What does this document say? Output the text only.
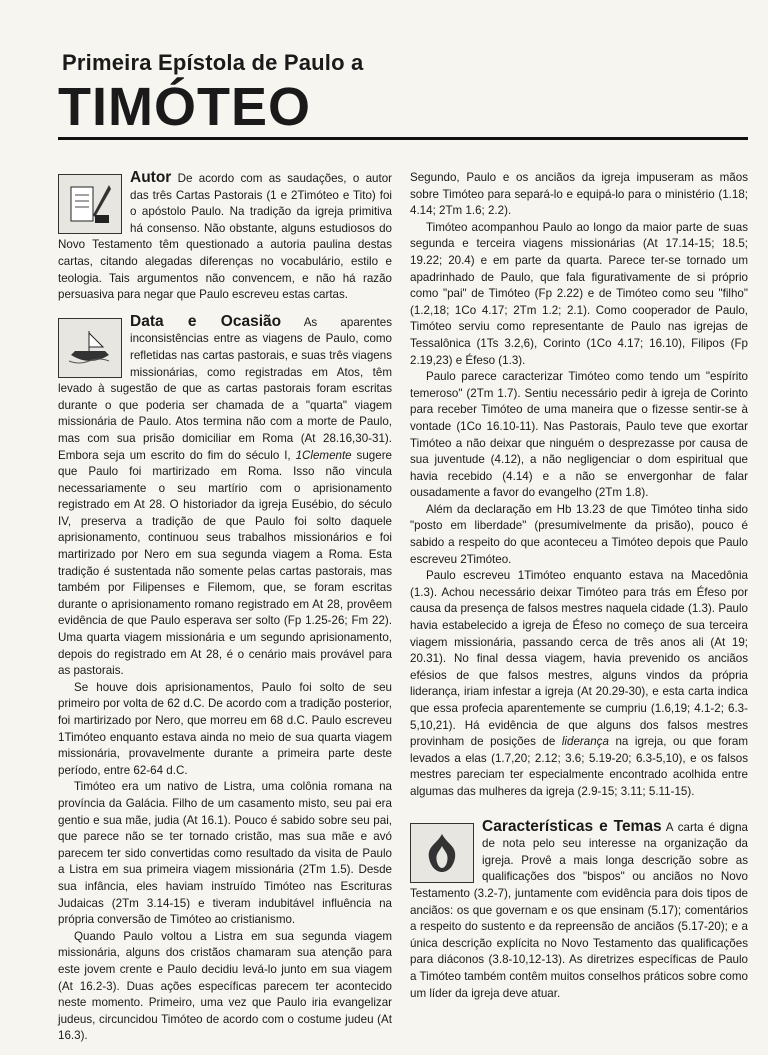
Primeira Epístola de Paulo a
TIMÓTEO

Autor De acordo com as saudações, o autor das três Cartas Pastorais (1 e 2Timóteo e Tito) foi o apóstolo Paulo. Na tradição da igreja primitiva há consenso. Não obstante, alguns estudiosos do Novo Testamento têm questionado a autoria paulina destas cartas, citando alegadas diferenças no vocabulário, estilo e teologia. Tais argumentos não convencem, e não há razão persuasiva para negar que Paulo escreveu estas cartas.

Data e Ocasião As aparentes inconsistências entre as viagens de Paulo, como refletidas nas cartas pastorais, e suas três viagens missionárias, como registradas em Atos, têm levado à sugestão de que as cartas pastorais foram escritas durante o que poderia ser chamada de a "quarta" viagem missionária de Paulo. Atos termina não com a morte de Paulo, mas com sua prisão domiciliar em Roma (At 28.16,30-31). Embora seja um escrito do fim do século I, 1Clemente sugere que Paulo foi martirizado em Roma. Isso não vincula necessariamente o seu martírio com o aprisionamento registrado em At 28. O historiador da igreja Eusébio, do século IV, preserva a tradição de que Paulo foi solto daquele aprisionamento, continuou seus trabalhos missionários e foi martirizado por Nero em sua segunda viagem a Roma. Esta tradição é sustentada não somente pelas cartas pastorais, mas também por Filipenses e Filemom, que, se foram escritas durante o aprisionamento romano registrado em At 28, provêem evidência de que Paulo esperava ser solto (Fp 1.25-26; Fm 22). Uma quarta viagem missionária e um segundo aprisionamento, depois do registrado em At 28, é o cenário mais provável para as pastorais.

Se houve dois aprisionamentos, Paulo foi solto de seu primeiro por volta de 62 d.C. De acordo com a tradição posterior, foi martirizado por Nero, que morreu em 68 d.C. Paulo escreveu 1Timóteo enquanto estava ainda no meio de sua quarta viagem missionária, provavelmente durante a primeira parte deste período, entre 62-64 d.C.

Timóteo era um nativo de Listra, uma colônia romana na província da Galácia. Filho de um casamento misto, seu pai era gentio e sua mãe, judia (At 16.1). Pouco é sabido sobre seu pai, que parece não se ter tornado cristão, mas sua mãe e avó parecem ter sido convertidas como resultado da visita de Paulo a Listra em sua primeira viagem missionária (2Tm 1.5). Desde sua infância, eles haviam instruído Timóteo nas Escrituras Judaicas (2Tm 3.14-15) e tiveram indubitável influência na própria conversão de Timóteo ao cristianismo.

Quando Paulo voltou a Listra em sua segunda viagem missionária, alguns dos cristãos chamaram sua atenção para este jovem crente e Paulo decidiu levá-lo junto em sua viagem (At 16.2-3). Duas ações específicas parecem ter acontecido neste momento. Primeiro, uma vez que Paulo iria evangelizar judeus, circuncidou Timóteo de acordo com o costume judeu (At 16.3).

Segundo, Paulo e os anciãos da igreja impuseram as mãos sobre Timóteo para separá-lo e equipá-lo para o ministério (1.18; 4.14; 2Tm 1.6; 2.2).

Timóteo acompanhou Paulo ao longo da maior parte de suas segunda e terceira viagens missionárias (At 17.14-15; 18.5; 19.22; 20.4) e em parte da quarta. Parece ter-se tornado um apadrinhado de Paulo, que fala figurativamente de si próprio como "pai" de Timóteo (Fp 2.22) e de Timóteo como seu "filho" (1.2,18; 1Co 4.17; 2Tm 1.2; 2.1). Como cooperador de Paulo, Timóteo serviu como representante de Paulo nas igrejas de Tessalônica (1Ts 3.2,6), Corinto (1Co 4.17; 16.10), Filipos (Fp 2.19,23) e Éfeso (1.3).

Paulo parece caracterizar Timóteo como tendo um "espírito temeroso" (2Tm 1.7). Sentiu necessário pedir à igreja de Corinto para receber Timóteo de uma maneira que o fizesse sentir-se à vontade (1Co 16.10-11). Nas Pastorais, Paulo teve que exortar Timóteo a não deixar que ninguém o desprezasse por causa de sua juventude (4.12), a não negligenciar o dom espiritual que havia recebido (4.14) e a não se envergonhar de falar ousadamente a favor do evangelho (2Tm 1.8).

Além da declaração em Hb 13.23 de que Timóteo tinha sido "posto em liberdade" (presumivelmente da prisão), pouco é sabido a respeito do que aconteceu a Timóteo depois que Paulo escreveu 2Timóteo.

Paulo escreveu 1Timóteo enquanto estava na Macedônia (1.3). Achou necessário deixar Timóteo para trás em Éfeso por causa da presença de falsos mestres naquela cidade (1.3). Paulo havia estabelecido a igreja de Éfeso no começo de sua terceira viagem missionária, passando cerca de três anos ali (At 19; 20.31). No final dessa viagem, havia prevenido os anciãos efésios de que falsos mestres, alguns vindos da própria liderança, iriam infestar a igreja (At 20.29-30), e esta carta indica que essa profecia aparentemente se cumpriu (1.6,19; 4.1-2; 6.3-5,10,21). Há evidência de que alguns dos falsos mestres provinham de posições de liderança na igreja, ou que foram levados a elas (1.7,20; 2.12; 3.6; 5.19-20; 6.3-5,10), e os falsos mestres pareciam ter especialmente encontrado acolhida entre algumas das mulheres da igreja (2.9-15; 3.11; 5.11-15).

Características e Temas A carta é digna de nota pelo seu interesse na organização da igreja. Provê a mais longa descrição sobre as qualificações dos "bispos" ou anciãos no Novo Testamento (3.2-7), juntamente com evidência para dois tipos de anciãos: os que governam e os que ensinam (5.17); comentários a respeito do sustento e da repreensão de anciãos (5.17-20); e a única descrição explícita no Novo Testamento das qualificações para diáconos (3.8-10,12-13). As diretrizes específicas de Paulo a Timóteo também contêm muitos conselhos práticos sobre como um líder da igreja deve atuar.
